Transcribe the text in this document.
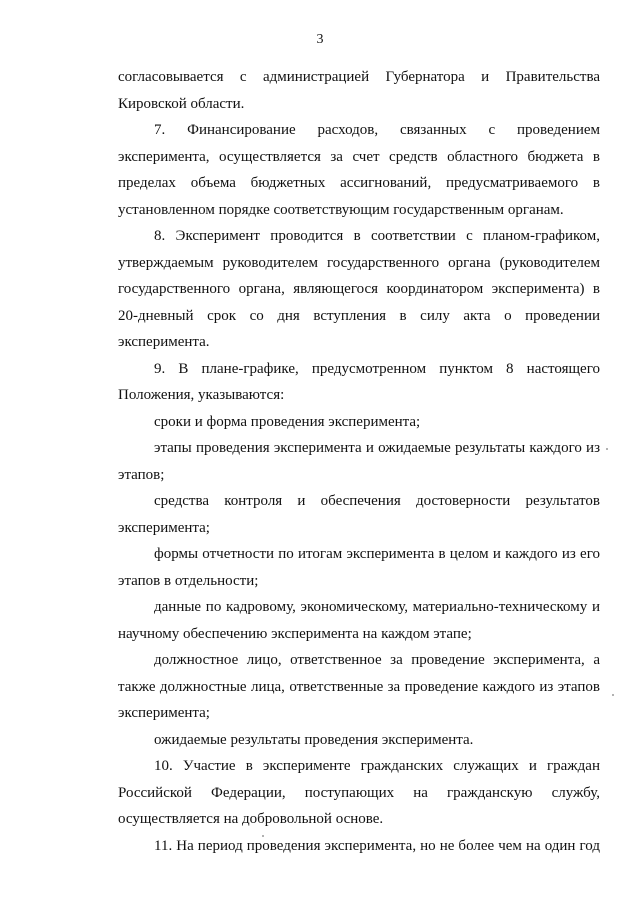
3

согласовывается с администрацией Губернатора и Правительства Кировской области.

7. Финансирование расходов, связанных с проведением эксперимента, осуществляется за счет средств областного бюджета в пределах объема бюджетных ассигнований, предусматриваемого в установленном порядке соответствующим государственным органам.

8. Эксперимент проводится в соответствии с планом-графиком, утверждаемым руководителем государственного органа (руководителем государственного органа, являющегося координатором эксперимента) в 20-дневный срок со дня вступления в силу акта о проведении эксперимента.

9. В плане-графике, предусмотренном пунктом 8 настоящего Положения, указываются:

сроки и форма проведения эксперимента;

этапы проведения эксперимента и ожидаемые результаты каждого из этапов;

средства контроля и обеспечения достоверности результатов эксперимента;

формы отчетности по итогам эксперимента в целом и каждого из его этапов в отдельности;

данные по кадровому, экономическому, материально-техническому и научному обеспечению эксперимента на каждом этапе;

должностное лицо, ответственное за проведение эксперимента, а также должностные лица, ответственные за проведение каждого из этапов эксперимента;

ожидаемые результаты проведения эксперимента.

10. Участие в эксперименте гражданских служащих и граждан Российской Федерации, поступающих на гражданскую службу, осуществляется на добровольной основе.

11. На период проведения эксперимента, но не более чем на один год
